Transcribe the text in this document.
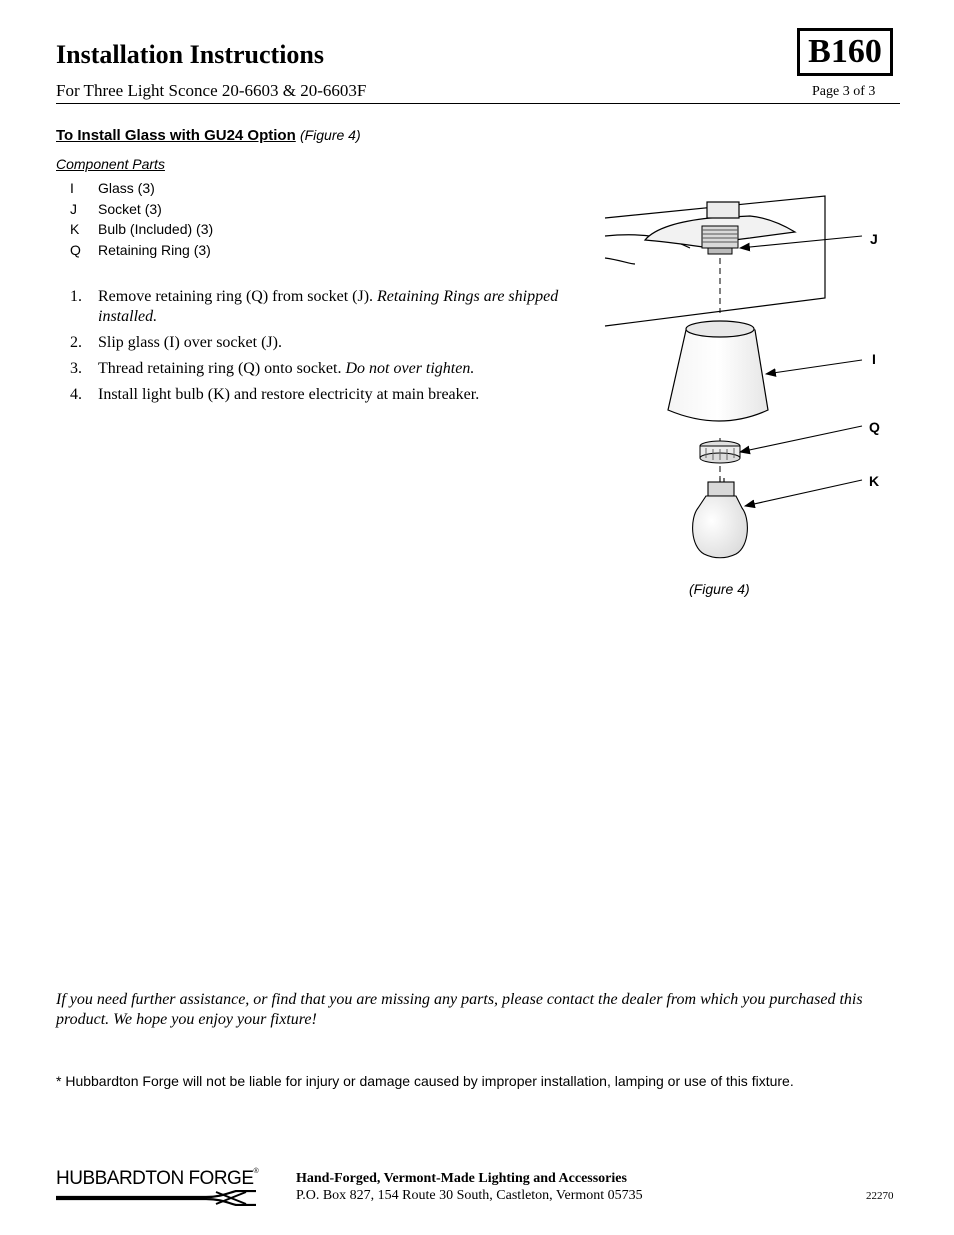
Installation Instructions
For Three Light Sconce 20-6603 & 20-6603F
B160
Page 3 of 3
To Install Glass with GU24 Option (Figure 4)
Component Parts
I Glass (3)
J Socket (3)
K Bulb (Included) (3)
Q Retaining Ring (3)
1. Remove retaining ring (Q) from socket (J). Retaining Rings are shipped installed.
2. Slip glass (I) over socket (J).
3. Thread retaining ring (Q) onto socket. Do not over tighten.
4. Install light bulb (K) and restore electricity at main breaker.
J
I
Q
K
(Figure 4)
If you need further assistance, or find that you are missing any parts, please contact the dealer from which you purchased this product. We hope you enjoy your fixture!
* Hubbardton Forge will not be liable for injury or damage caused by improper installation, lamping or use of this fixture.
HUBBARDTON FORGE®	Hand-Forged, Vermont-Made Lighting and Accessories
P.O. Box 827, 154 Route 30 South, Castleton, Vermont 05735	22270
